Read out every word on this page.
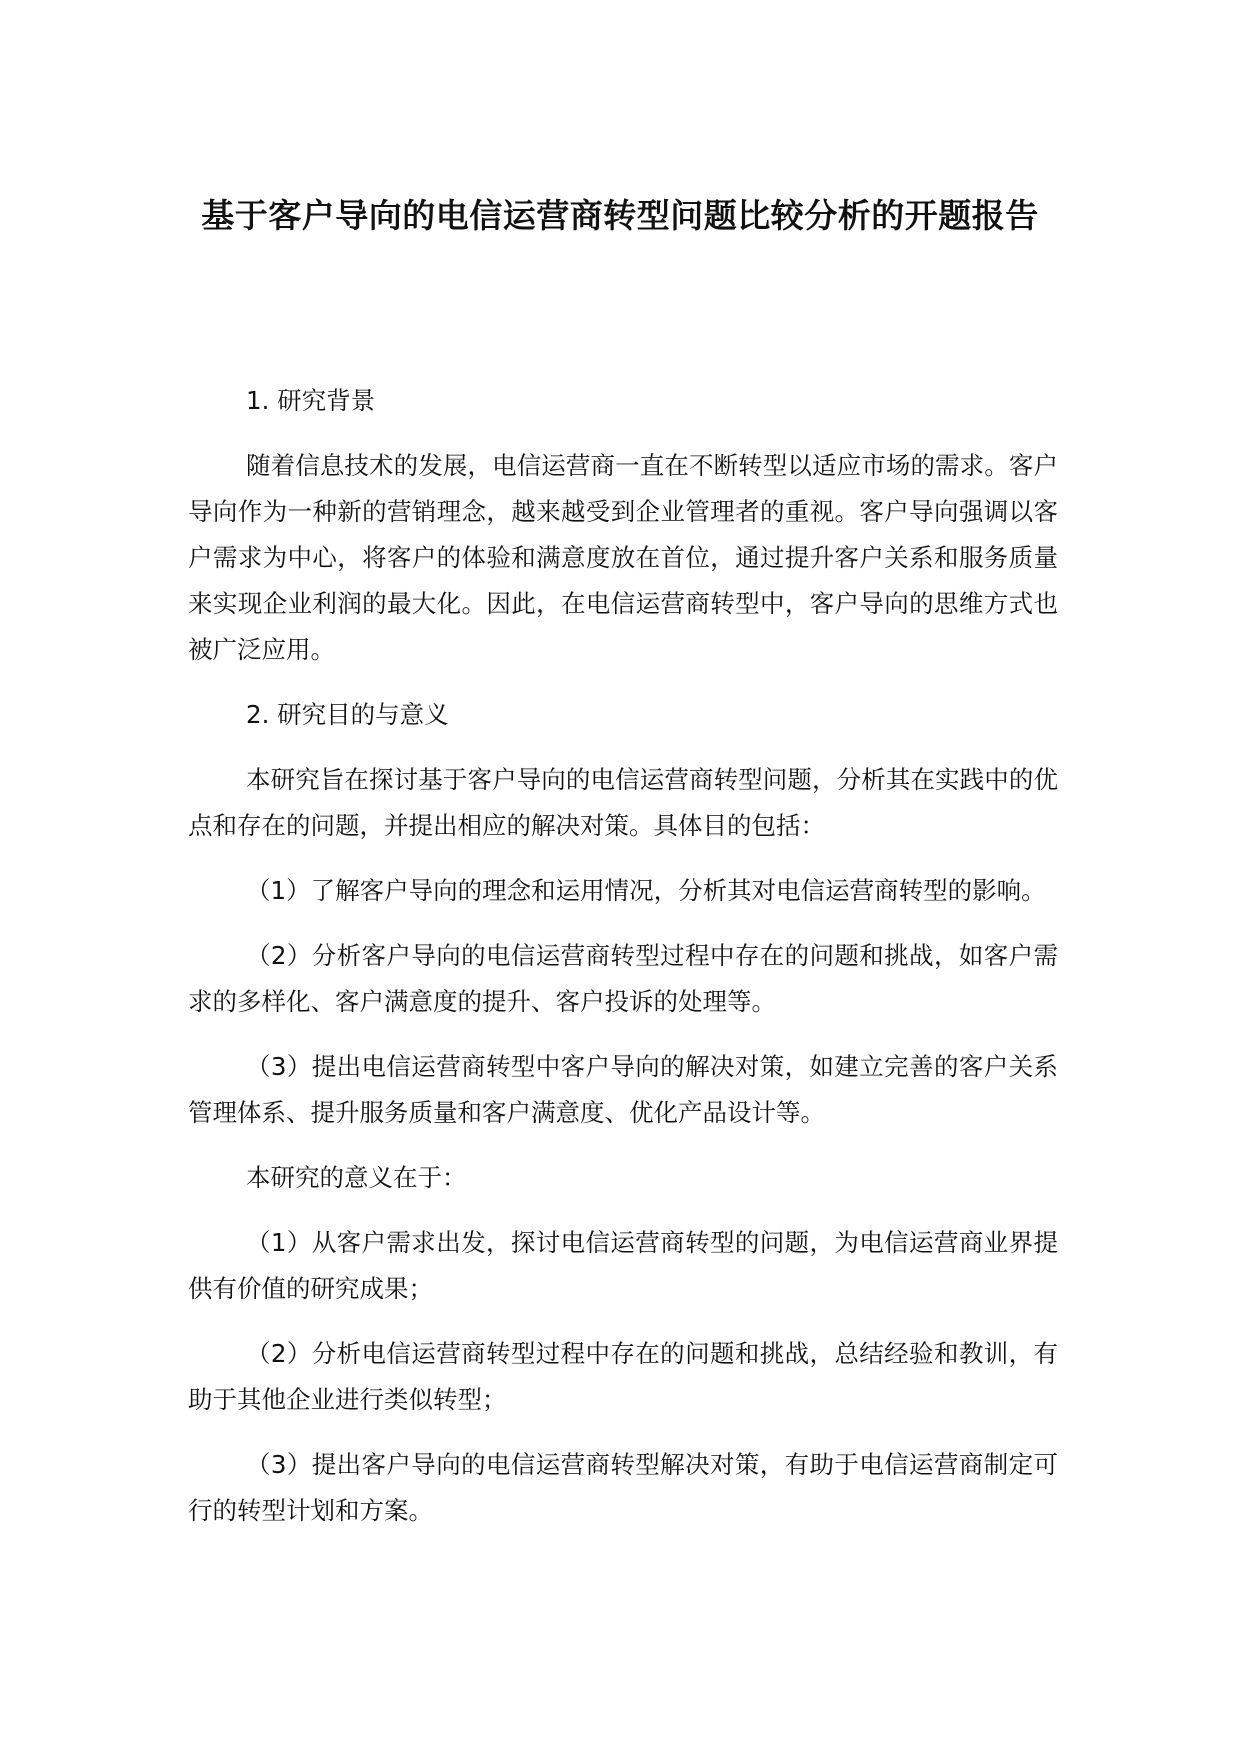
基于客户导向的电信运营商转型问题比较分析的开题报告

1. 研究背景

随着信息技术的发展，电信运营商一直在不断转型以适应市场的需求。客户导向作为一种新的营销理念，越来越受到企业管理者的重视。客户导向强调以客户需求为中心，将客户的体验和满意度放在首位，通过提升客户关系和服务质量来实现企业利润的最大化。因此，在电信运营商转型中，客户导向的思维方式也被广泛应用。

2. 研究目的与意义

本研究旨在探讨基于客户导向的电信运营商转型问题，分析其在实践中的优点和存在的问题，并提出相应的解决对策。具体目的包括：

（1）了解客户导向的理念和运用情况，分析其对电信运营商转型的影响。

（2）分析客户导向的电信运营商转型过程中存在的问题和挑战，如客户需求的多样化、客户满意度的提升、客户投诉的处理等。

（3）提出电信运营商转型中客户导向的解决对策，如建立完善的客户关系管理体系、提升服务质量和客户满意度、优化产品设计等。

本研究的意义在于：

（1）从客户需求出发，探讨电信运营商转型的问题，为电信运营商业界提供有价值的研究成果；

（2）分析电信运营商转型过程中存在的问题和挑战，总结经验和教训，有助于其他企业进行类似转型；

（3）提出客户导向的电信运营商转型解决对策，有助于电信运营商制定可行的转型计划和方案。
